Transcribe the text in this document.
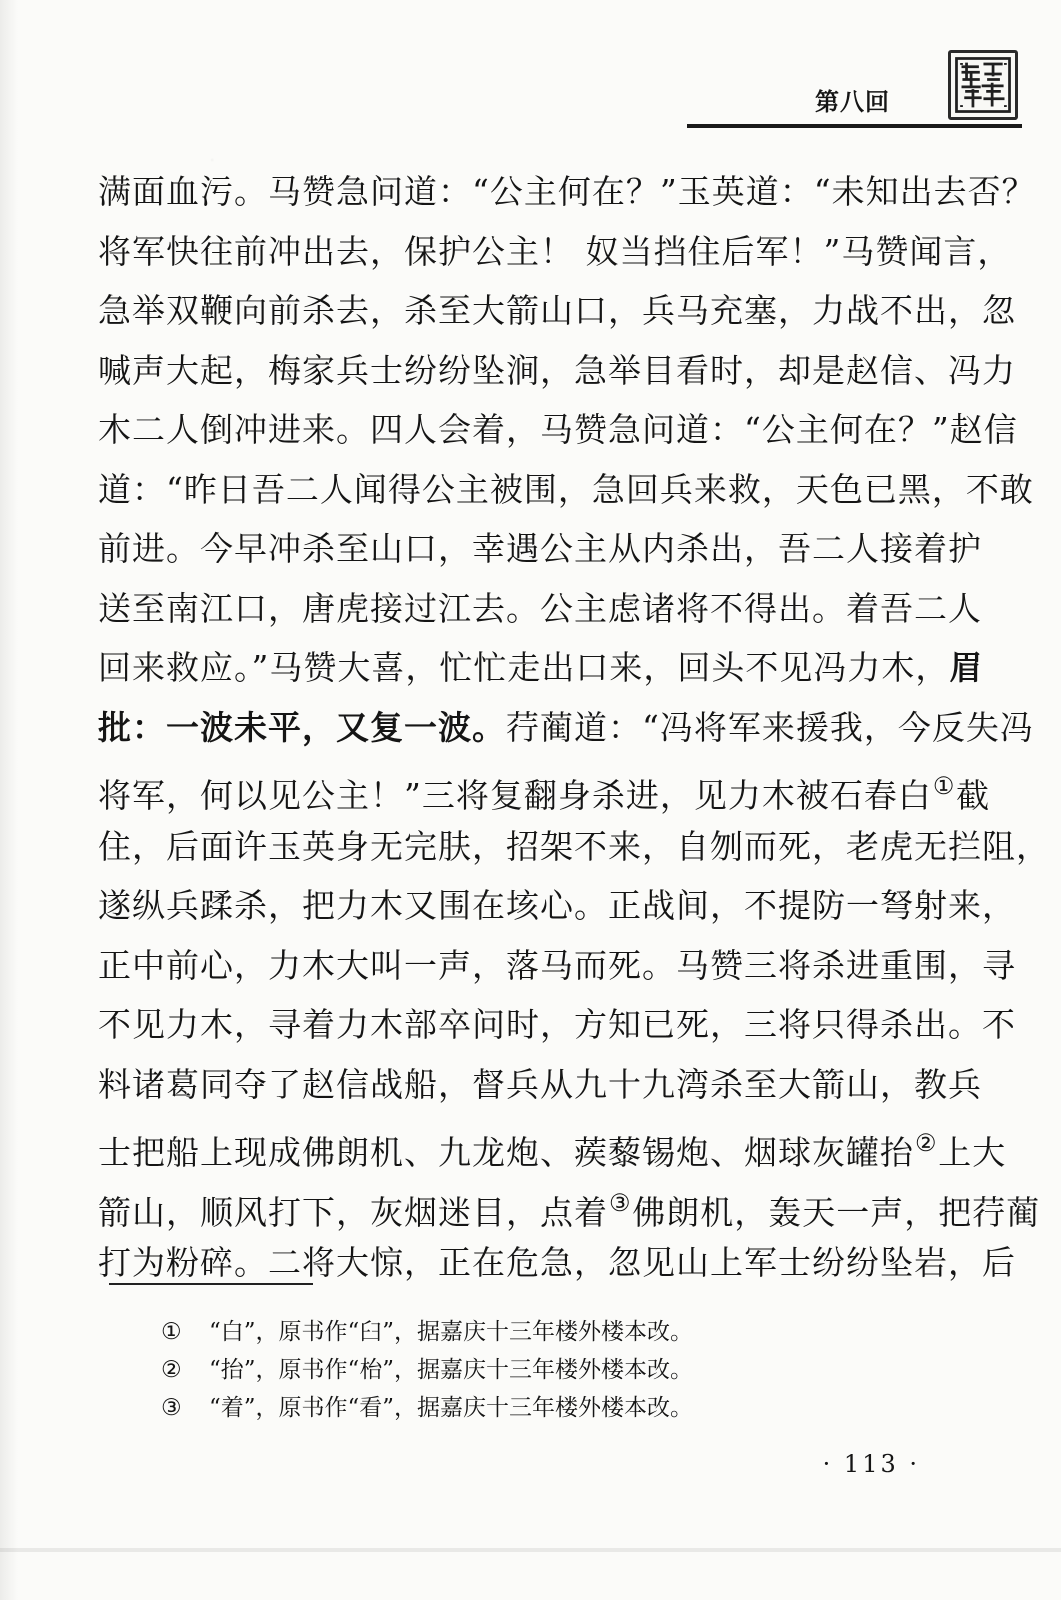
第八回
满面血污。马赞急问道：“公主何在？”玉英道：“未知出去否？
将军快往前冲出去，保护公主！ 奴当挡住后军！”马赞闻言，
急举双鞭向前杀去，杀至大箭山口，兵马充塞，力战不出，忽
喊声大起，梅家兵士纷纷坠涧，急举目看时，却是赵信、冯力
木二人倒冲进来。四人会着，马赞急问道：“公主何在？”赵信
道：“昨日吾二人闻得公主被围，急回兵来救，天色已黑，不敢
前进。今早冲杀至山口，幸遇公主从内杀出，吾二人接着护
送至南江口，唐虎接过江去。公主虑诸将不得出。着吾二人
回来救应。”马赞大喜，忙忙走出口来，回头不见冯力木，眉
批：一波未平，又复一波。荇蔺道：“冯将军来援我，今反失冯
将军，何以见公主！”三将复翻身杀进，见力木被石春白①截
住，后面许玉英身无完肤，招架不来，自刎而死，老虎无拦阻，
遂纵兵蹂杀，把力木又围在垓心。正战间，不提防一弩射来，
正中前心，力木大叫一声，落马而死。马赞三将杀进重围，寻
不见力木，寻着力木部卒问时，方知已死，三将只得杀出。不
料诸葛同夺了赵信战船，督兵从九十九湾杀至大箭山，教兵
士把船上现成佛朗机、九龙炮、蒺藜锡炮、烟球灰罐抬②上大
箭山，顺风打下，灰烟迷目，点着③佛朗机，轰天一声，把荇蔺
打为粉碎。二将大惊，正在危急，忽见山上军士纷纷坠岩，后
① “白”，原书作“臼”，据嘉庆十三年楼外楼本改。
② “抬”，原书作“枱”，据嘉庆十三年楼外楼本改。
③ “着”，原书作“看”，据嘉庆十三年楼外楼本改。
· 113 ·
